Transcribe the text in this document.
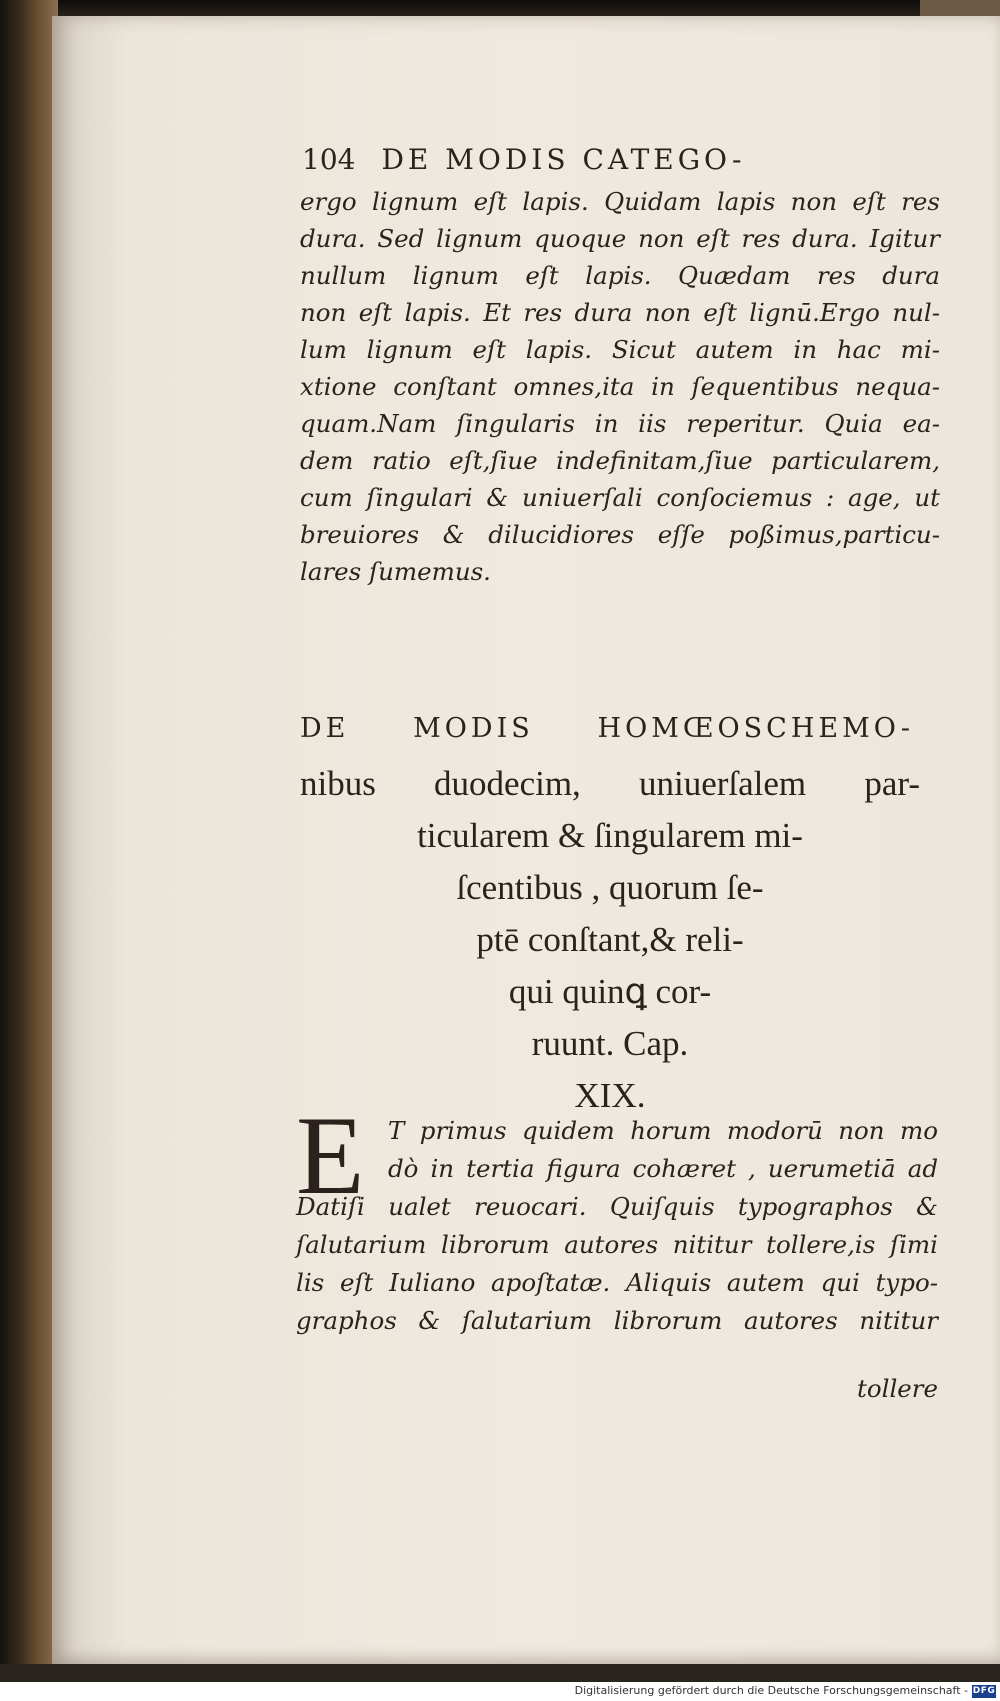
104 DE MODIS CATEGO-
ergo lignum eſt lapis. Quidam lapis non eſt res
dura. Sed lignum quoque non eſt res dura. Igitur
nullum lignum eſt lapis. Quædam res dura
non eſt lapis. Et res dura non eſt lignū.Ergo nul-
lum lignum eſt lapis. Sicut autem in hac mi-
xtione conſtant omnes,ita in ſequentibus nequa-
quam.Nam ſingularis in iis reperitur. Quia ea-
dem ratio eſt,ſiue indefinitam,ſiue particularem,
cum ſingulari & uniuerſali conſociemus : age, ut
breuiores & dilucidiores eſſe poßimus,particu-
lares ſumemus.
DE MODIS HOMŒOSCHEMO-
nibus duodecim, uniuerſalem par-
ticularem & ſingularem mi-
ſcentibus , quorum ſe-
ptē conſtant,& reli-
qui quinꝗ cor-
ruunt. Cap.
XIX.
E T primus quidem horum modorū non mo
dò in tertia figura cohæret , uerumetiā ad
Datiſi ualet reuocari. Quiſquis typographos &
ſalutarium librorum autores nititur tollere,is ſimi
lis eſt Iuliano apoſtatæ. Aliquis autem qui typo-
graphos & ſalutarium librorum autores nititur
tollere
Digitalisierung gefördert durch die Deutsche Forschungsgemeinschaft - DFG
